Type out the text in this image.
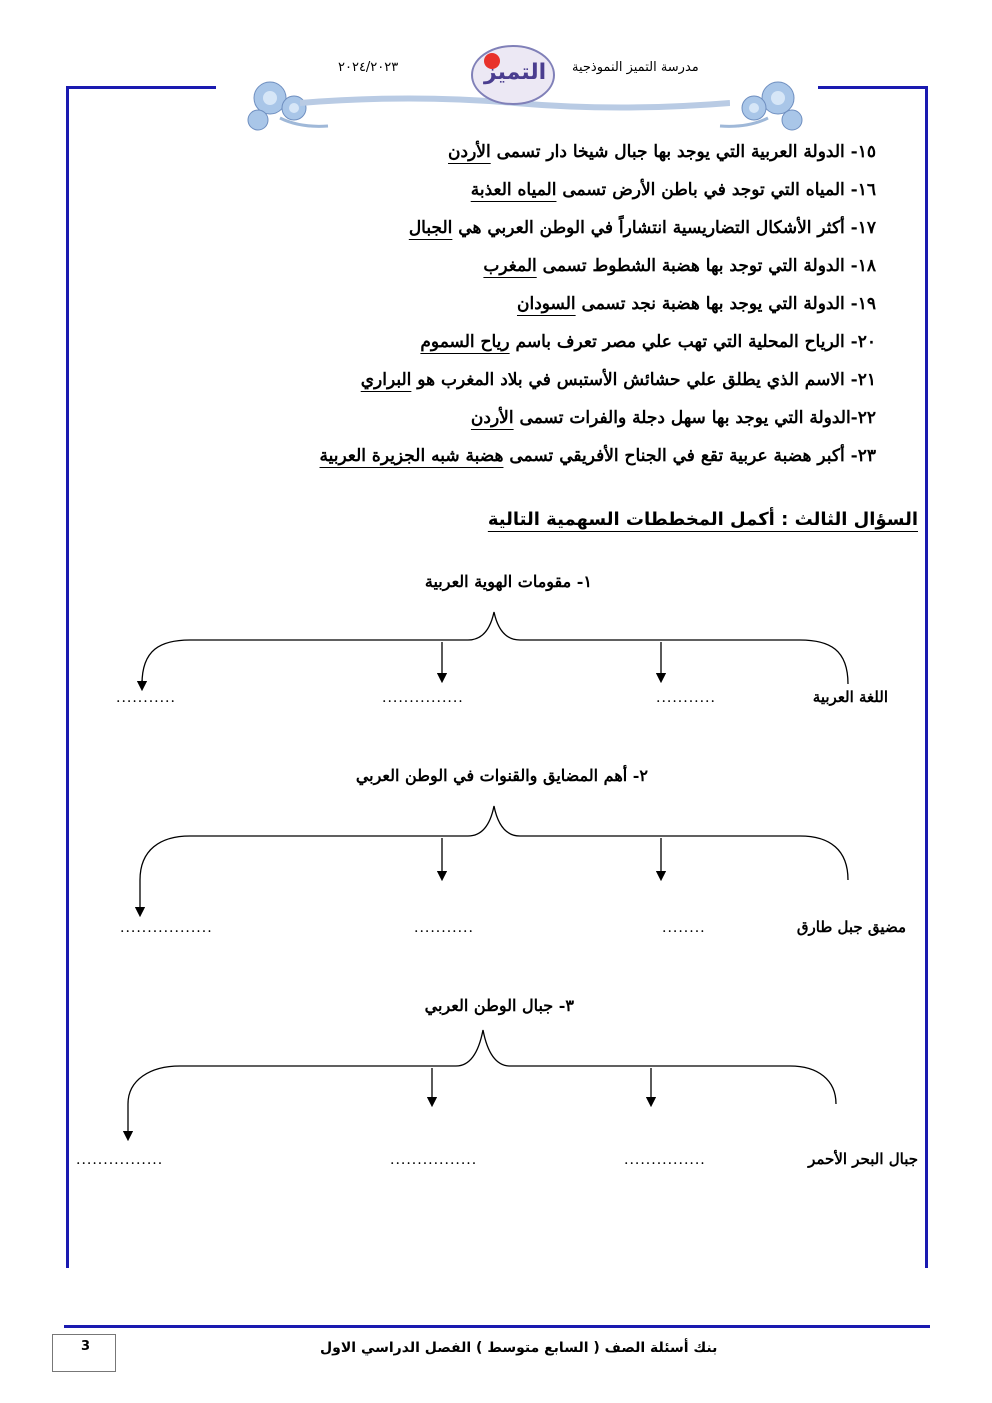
مدرسة التميز النموذجية
٢٠٢٤/٢٠٢٣	التميز
١٥- الدولة العربية التي يوجد بها جبال شيخا دار تسمى الأردن
١٦- المياه التي توجد في باطن الأرض تسمى المياه العذبة
١٧- أكثر الأشكال التضاريسية انتشاراً في الوطن العربي هي الجبال
١٨- الدولة التي توجد بها هضبة الشطوط تسمى المغرب
١٩- الدولة التي يوجد بها هضبة نجد تسمى السودان
٢٠- الرياح المحلية التي تهب علي مصر تعرف باسم رياح السموم
٢١- الاسم الذي يطلق علي حشائش الأستبس في بلاد المغرب هو البراري
٢٢-الدولة التي يوجد بها سهل دجلة والفرات تسمى الأردن
٢٣- أكبر هضبة عربية تقع في الجناح الأفريقي تسمى هضبة شبه الجزيرة العربية
السؤال الثالث : أكمل المخططات السهمية التالية
١- مقومات الهوية العربية
اللغة العربية
...........
...............
...........
٢- أهم المضايق والقنوات في الوطن العربي
مضيق جبل طارق
........
...........
.................
٣- جبال الوطن العربي
جبال البحر الأحمر
...............
................
................
3	بنك أسئلة الصف ( السابع متوسط ) الفصل الدراسي الاول
